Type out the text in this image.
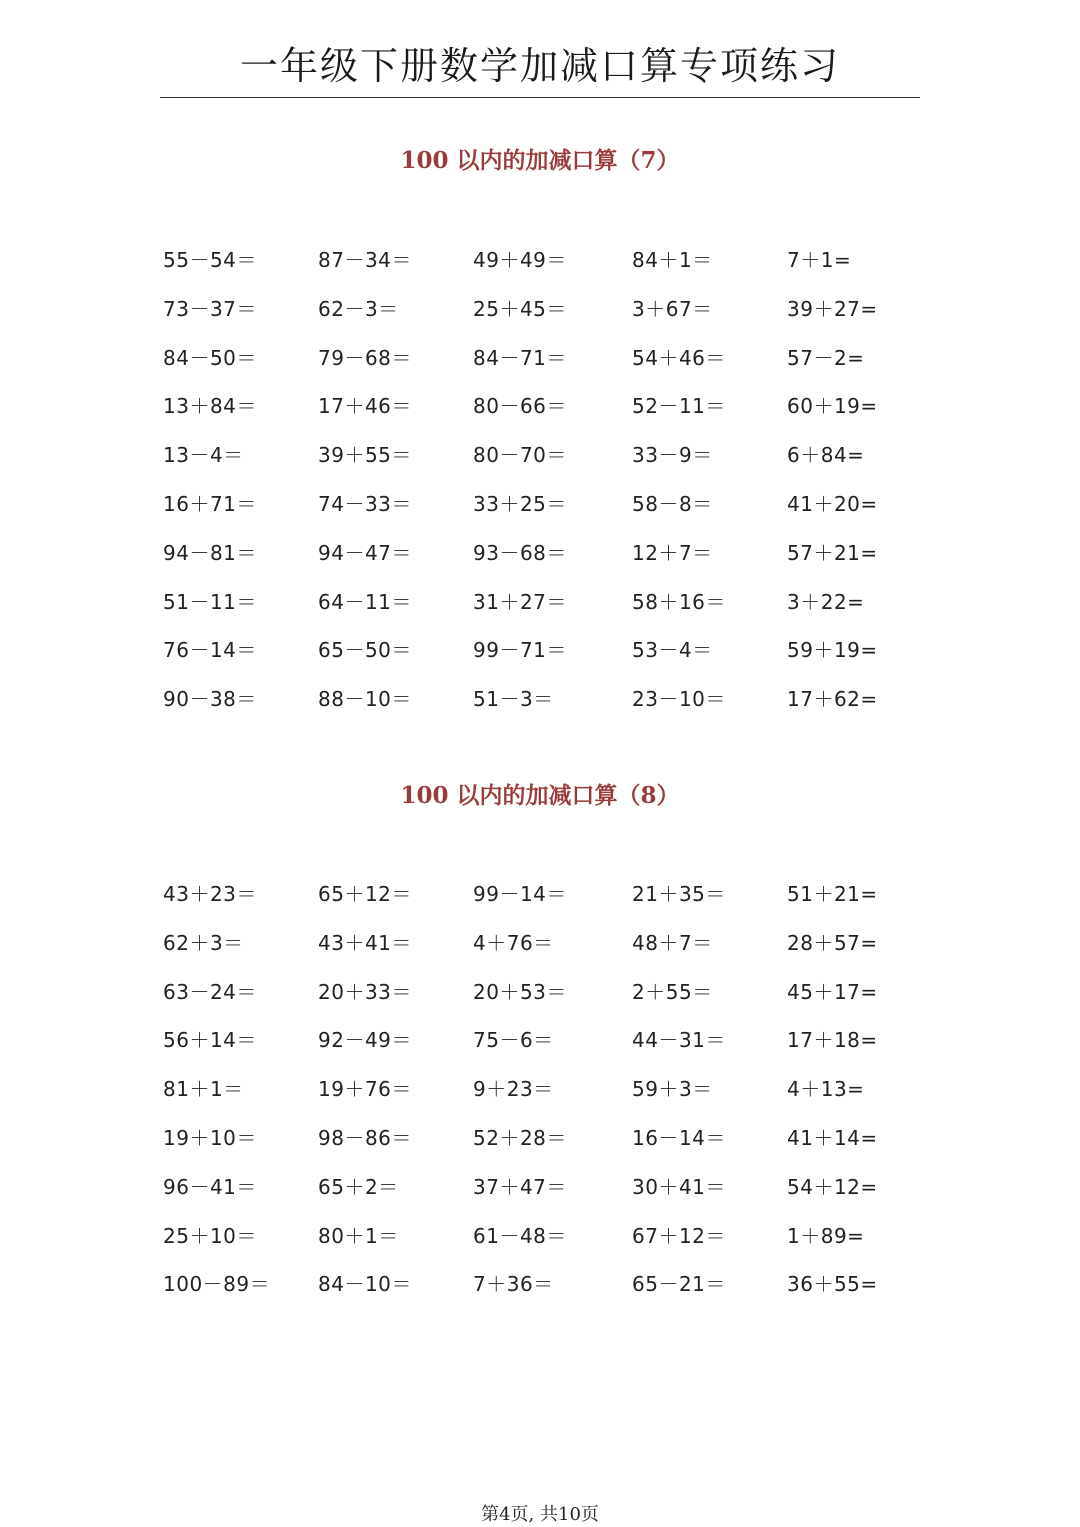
一年级下册数学加减口算专项练习
100 以内的加减口算（7）
55－54＝	87－34＝	49＋49＝	84＋1＝	7＋1=
73－37＝	62－3＝	25＋45＝	3＋67＝	39＋27=
84－50＝	79－68＝	84－71＝	54＋46＝	57－2=
13＋84＝	17＋46＝	80－66＝	52－11＝	60＋19=
13－4＝	39＋55＝	80－70＝	33－9＝	6＋84=
16＋71＝	74－33＝	33＋25＝	58－8＝	41＋20=
94－81＝	94－47＝	93－68＝	12＋7＝	57＋21=
51－11＝	64－11＝	31＋27＝	58＋16＝	3＋22=
76－14＝	65－50＝	99－71＝	53－4＝	59＋19=
90－38＝	88－10＝	51－3＝	23－10＝	17＋62=
100 以内的加减口算（8）
43＋23＝	65＋12＝	99－14＝	21＋35＝	51＋21=
62＋3＝	43＋41＝	4＋76＝	48＋7＝	28＋57=
63－24＝	20＋33＝	20＋53＝	2＋55＝	45＋17=
56＋14＝	92－49＝	75－6＝	44－31＝	17＋18=
81＋1＝	19＋76＝	9＋23＝	59＋3＝	4＋13=
19＋10＝	98－86＝	52＋28＝	16－14＝	41＋14=
96－41＝	65＋2＝	37＋47＝	30＋41＝	54＋12=
25＋10＝	80＋1＝	61－48＝	67＋12＝	1＋89=
100－89＝	84－10＝	7＋36＝	65－21＝	36＋55=
第4页, 共10页
